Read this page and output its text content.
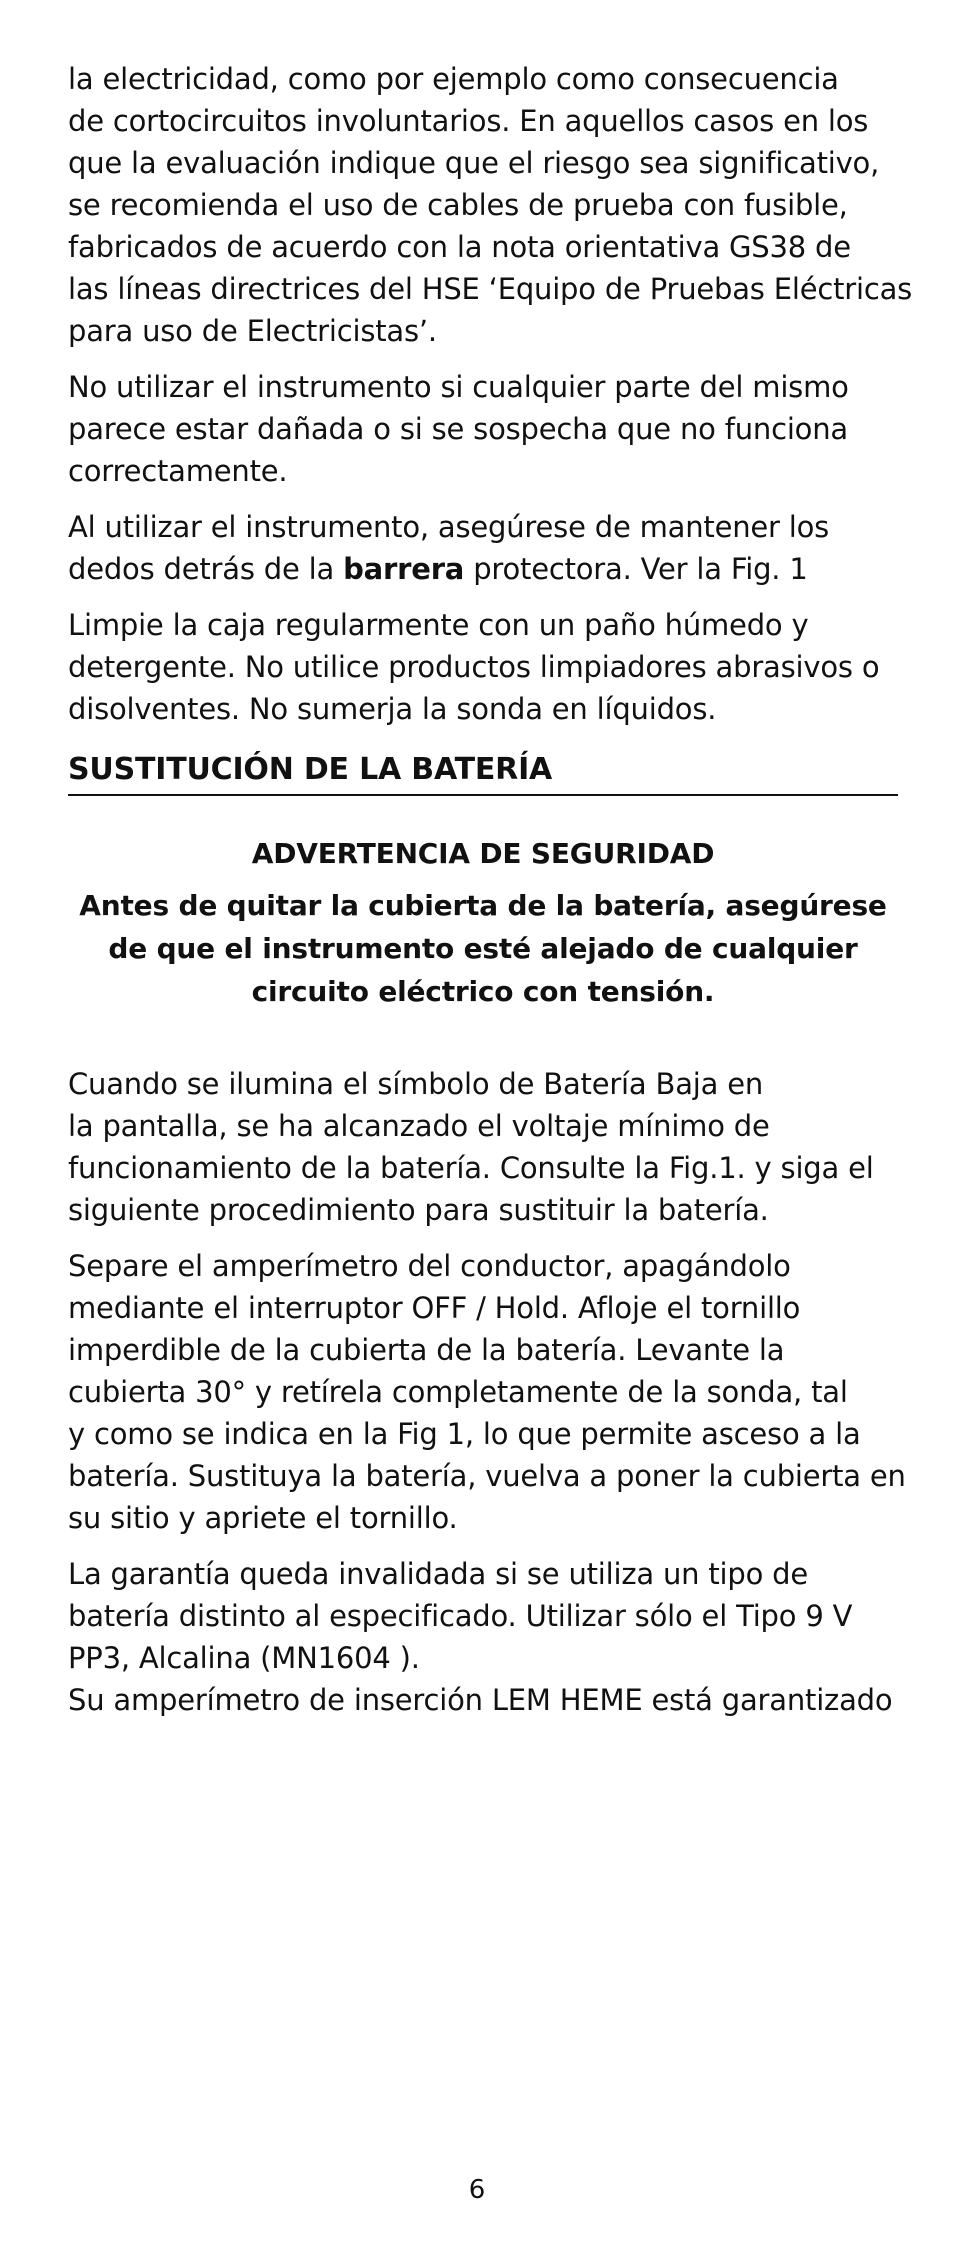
la electricidad, como por ejemplo como consecuencia
de cortocircuitos involuntarios. En aquellos casos en los
que la evaluación indique que el riesgo sea significativo,
se recomienda el uso de cables de prueba con fusible,
fabricados de acuerdo con la nota orientativa GS38 de
las líneas directrices del HSE ‘Equipo de Pruebas Eléctricas
para uso de Electricistas’.

No utilizar el instrumento si cualquier parte del mismo
parece estar dañada o si se sospecha que no funciona
correctamente.

Al utilizar el instrumento, asegúrese de mantener los
dedos detrás de la barrera protectora. Ver la Fig. 1

Limpie la caja regularmente con un paño húmedo y
detergente. No utilice productos limpiadores abrasivos o
disolventes. No sumerja la sonda en líquidos.

SUSTITUCIÓN DE LA BATERÍA
ADVERTENCIA DE SEGURIDAD
Antes de quitar la cubierta de la batería, asegúrese
de que el instrumento esté alejado de cualquier
circuito eléctrico con tensión.

Cuando se ilumina el símbolo de Batería Baja en
la pantalla, se ha alcanzado el voltaje mínimo de
funcionamiento de la batería. Consulte la Fig.1. y siga el
siguiente procedimiento para sustituir la batería.

Separe el amperímetro del conductor, apagándolo
mediante el interruptor OFF / Hold. Afloje el tornillo
imperdible de la cubierta de la batería. Levante la
cubierta 30° y retírela completamente de la sonda, tal
y como se indica en la Fig 1, lo que permite asceso a la
batería. Sustituya la batería, vuelva a poner la cubierta en
su sitio y apriete el tornillo.

La garantía queda invalidada si se utiliza un tipo de
batería distinto al especificado. Utilizar sólo el Tipo 9 V
PP3, Alcalina (MN1604 ).
Su amperímetro de inserción LEM HEME está garantizado

6
